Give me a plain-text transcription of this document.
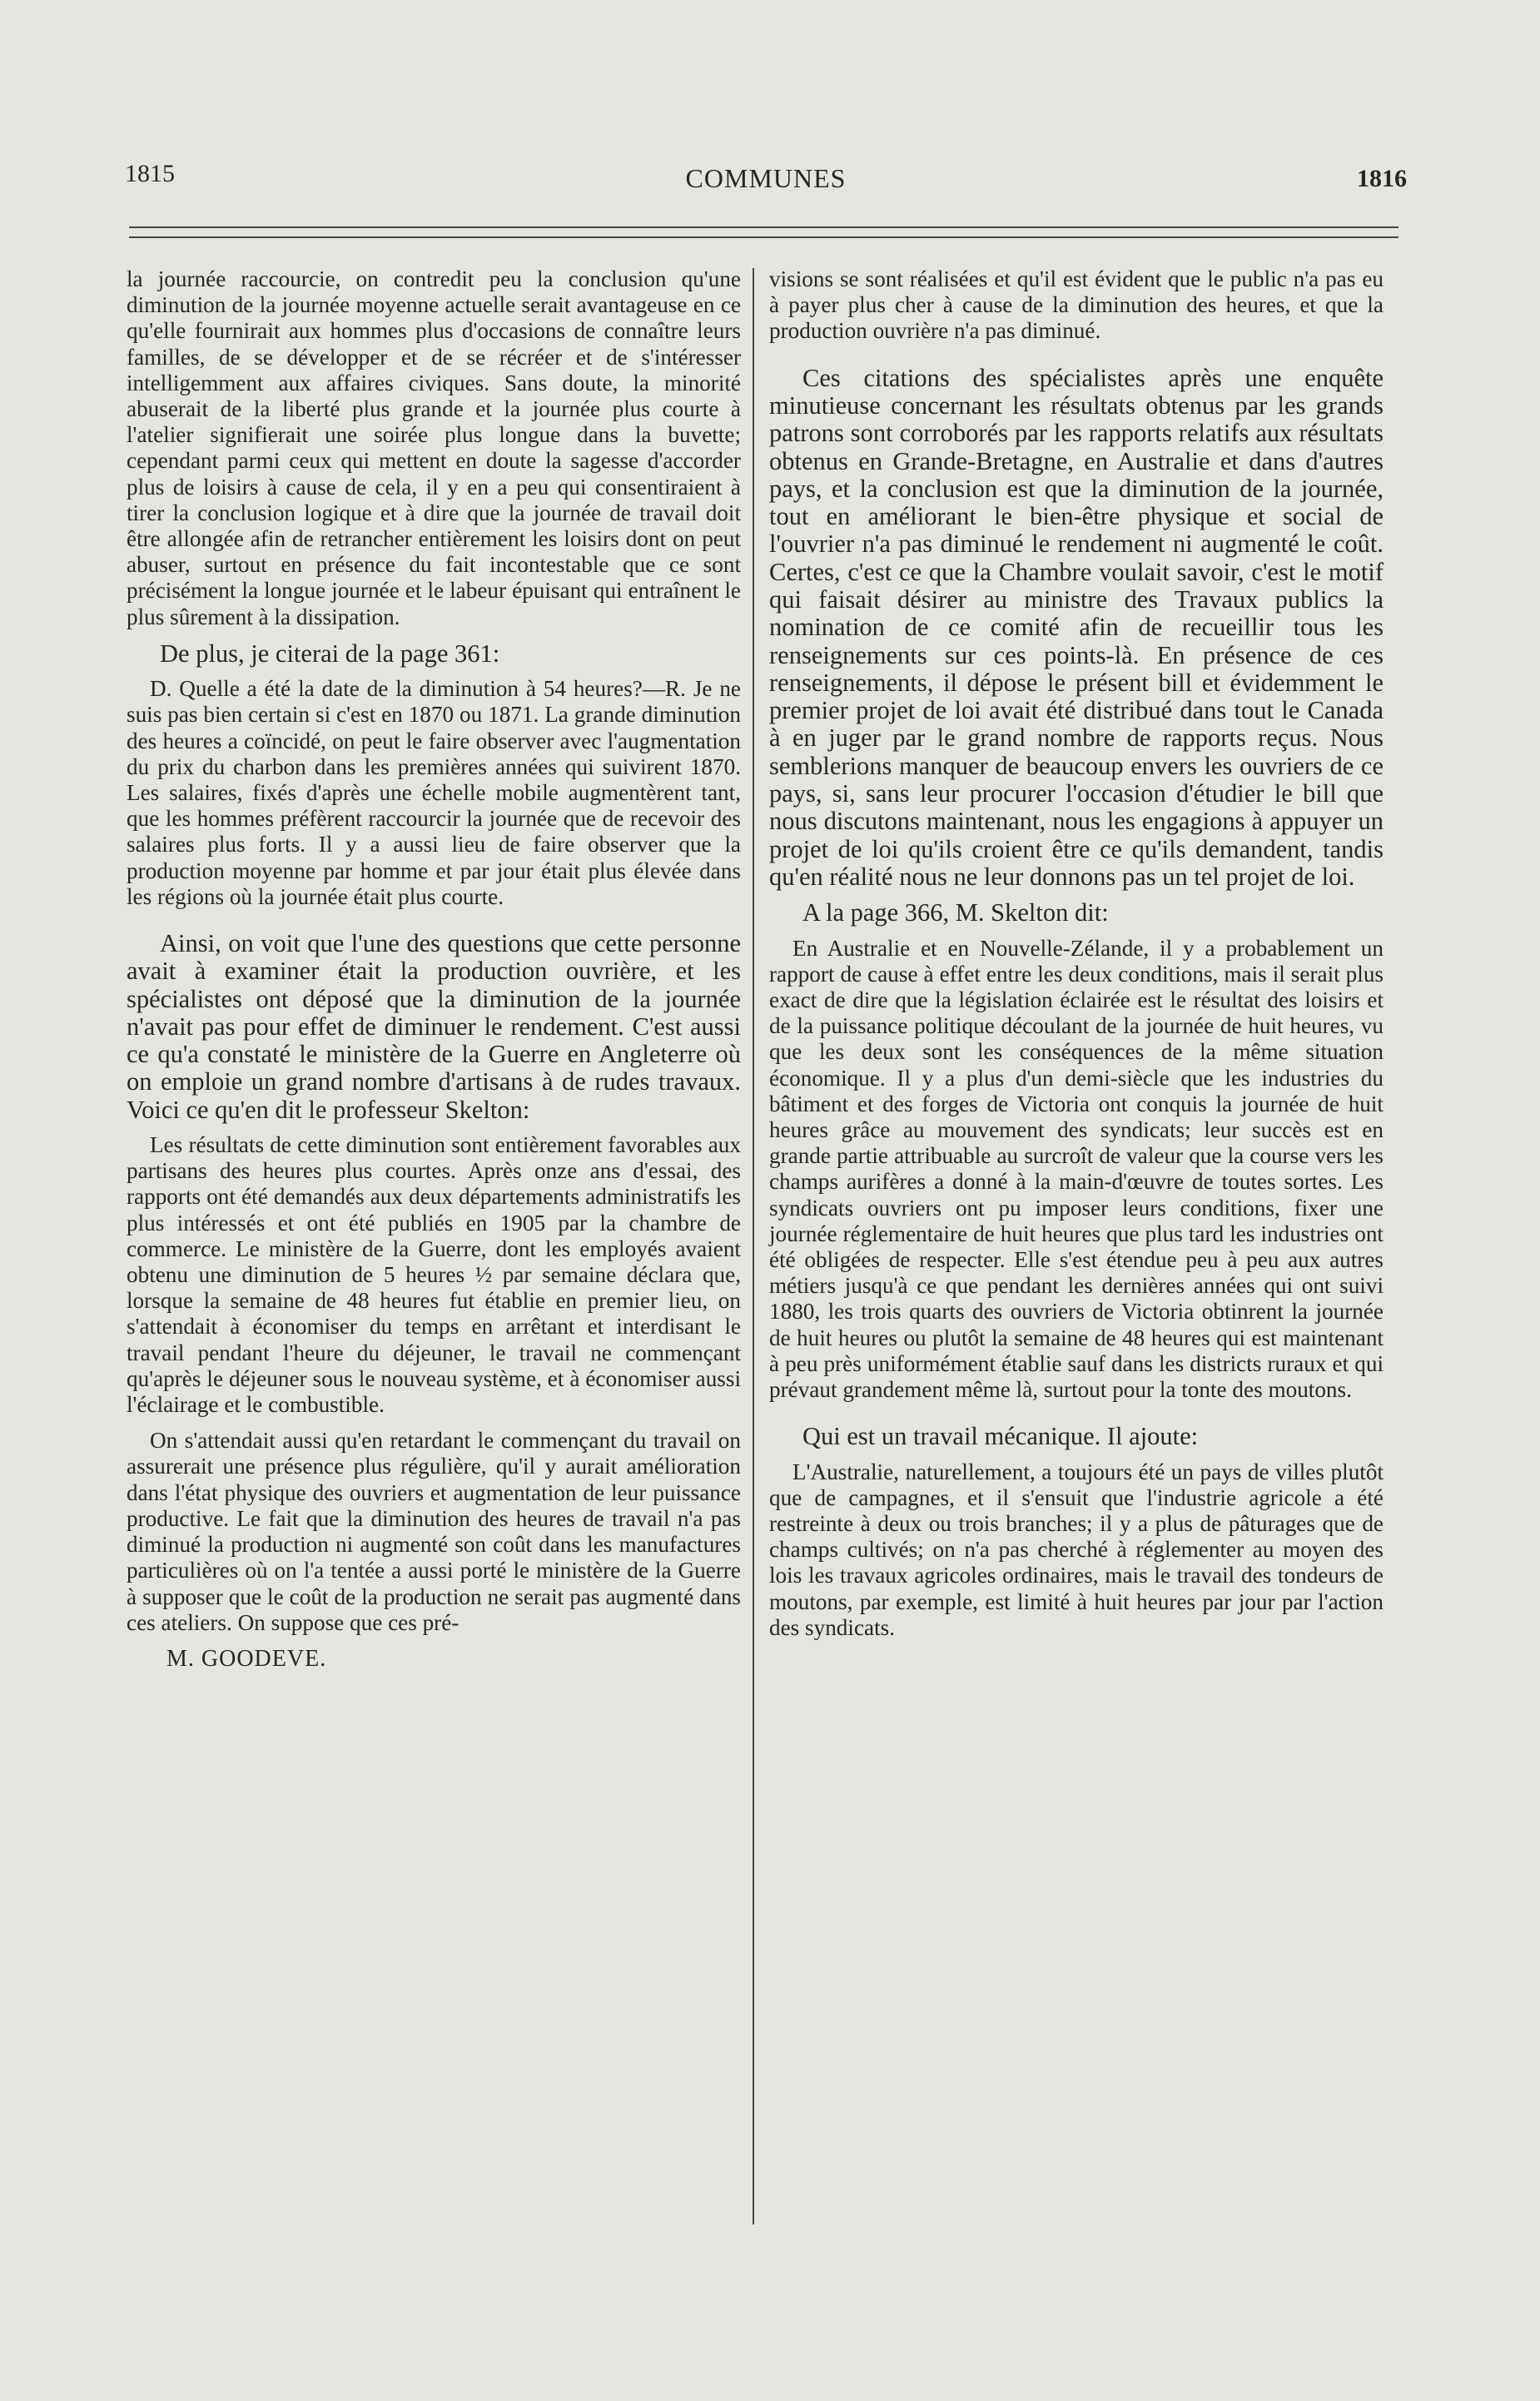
1815	COMMUNES	1816

la journée raccourcie, on contredit peu la conclusion qu'une diminution de la journée moyenne actuelle serait avantageuse en ce qu'elle fournirait aux hommes plus d'occasions de connaître leurs familles, de se développer et de se récréer et de s'intéresser intelligemment aux affaires civiques. Sans doute, la minorité abuserait de la liberté plus grande et la journée plus courte à l'atelier signifierait une soirée plus longue dans la buvette; cependant parmi ceux qui mettent en doute la sagesse d'accorder plus de loisirs à cause de cela, il y en a peu qui consentiraient à tirer la conclusion logique et à dire que la journée de travail doit être allongée afin de retrancher entièrement les loisirs dont on peut abuser, surtout en présence du fait incontestable que ce sont précisément la longue journée et le labeur épuisant qui entraînent le plus sûrement à la dissipation.

De plus, je citerai de la page 361:

D. Quelle a été la date de la diminution à 54 heures?—R. Je ne suis pas bien certain si c'est en 1870 ou 1871. La grande diminution des heures a coïncidé, on peut le faire observer avec l'augmentation du prix du charbon dans les premières années qui suivirent 1870. Les salaires, fixés d'après une échelle mobile augmentèrent tant, que les hommes préfèrent raccourcir la journée que de recevoir des salaires plus forts. Il y a aussi lieu de faire observer que la production moyenne par homme et par jour était plus élevée dans les régions où la journée était plus courte.

Ainsi, on voit que l'une des questions que cette personne avait à examiner était la production ouvrière, et les spécialistes ont déposé que la diminution de la journée n'avait pas pour effet de diminuer le rendement. C'est aussi ce qu'a constaté le ministère de la Guerre en Angleterre où on emploie un grand nombre d'artisans à de rudes travaux. Voici ce qu'en dit le professeur Skelton:

Les résultats de cette diminution sont entièrement favorables aux partisans des heures plus courtes. Après onze ans d'essai, des rapports ont été demandés aux deux départements administratifs les plus intéressés et ont été publiés en 1905 par la chambre de commerce. Le ministère de la Guerre, dont les employés avaient obtenu une diminution de 5 heures ½ par semaine déclara que, lorsque la semaine de 48 heures fut établie en premier lieu, on s'attendait à économiser du temps en arrêtant et interdisant le travail pendant l'heure du déjeuner, le travail ne commençant qu'après le déjeuner sous le nouveau système, et à économiser aussi l'éclairage et le combustible.

On s'attendait aussi qu'en retardant le commençant du travail on assurerait une présence plus régulière, qu'il y aurait amélioration dans l'état physique des ouvriers et augmentation de leur puissance productive. Le fait que la diminution des heures de travail n'a pas diminué la production ni augmenté son coût dans les manufactures particulières où on l'a tentée a aussi porté le ministère de la Guerre à supposer que le coût de la production ne serait pas augmenté dans ces ateliers. On suppose que ces pré-

M. GOODEVE.

visions se sont réalisées et qu'il est évident que le public n'a pas eu à payer plus cher à cause de la diminution des heures, et que la production ouvrière n'a pas diminué.

Ces citations des spécialistes après une enquête minutieuse concernant les résultats obtenus par les grands patrons sont corroborés par les rapports relatifs aux résultats obtenus en Grande-Bretagne, en Australie et dans d'autres pays, et la conclusion est que la diminution de la journée, tout en améliorant le bien-être physique et social de l'ouvrier n'a pas diminué le rendement ni augmenté le coût. Certes, c'est ce que la Chambre voulait savoir, c'est le motif qui faisait désirer au ministre des Travaux publics la nomination de ce comité afin de recueillir tous les renseignements sur ces points-là. En présence de ces renseignements, il dépose le présent bill et évidemment le premier projet de loi avait été distribué dans tout le Canada à en juger par le grand nombre de rapports reçus. Nous semblerions manquer de beaucoup envers les ouvriers de ce pays, si, sans leur procurer l'occasion d'étudier le bill que nous discutons maintenant, nous les engagions à appuyer un projet de loi qu'ils croient être ce qu'ils demandent, tandis qu'en réalité nous ne leur donnons pas un tel projet de loi.

A la page 366, M. Skelton dit:

En Australie et en Nouvelle-Zélande, il y a probablement un rapport de cause à effet entre les deux conditions, mais il serait plus exact de dire que la législation éclairée est le résultat des loisirs et de la puissance politique découlant de la journée de huit heures, vu que les deux sont les conséquences de la même situation économique. Il y a plus d'un demi-siècle que les industries du bâtiment et des forges de Victoria ont conquis la journée de huit heures grâce au mouvement des syndicats; leur succès est en grande partie attribuable au surcroît de valeur que la course vers les champs aurifères a donné à la main-d'œuvre de toutes sortes. Les syndicats ouvriers ont pu imposer leurs conditions, fixer une journée réglementaire de huit heures que plus tard les industries ont été obligées de respecter. Elle s'est étendue peu à peu aux autres métiers jusqu'à ce que pendant les dernières années qui ont suivi 1880, les trois quarts des ouvriers de Victoria obtinrent la journée de huit heures ou plutôt la semaine de 48 heures qui est maintenant à peu près uniformément établie sauf dans les districts ruraux et qui prévaut grandement même là, surtout pour la tonte des moutons.

Qui est un travail mécanique. Il ajoute:

L'Australie, naturellement, a toujours été un pays de villes plutôt que de campagnes, et il s'ensuit que l'industrie agricole a été restreinte à deux ou trois branches; il y a plus de pâturages que de champs cultivés; on n'a pas cherché à réglementer au moyen des lois les travaux agricoles ordinaires, mais le travail des tondeurs de moutons, par exemple, est limité à huit heures par jour par l'action des syndicats.
